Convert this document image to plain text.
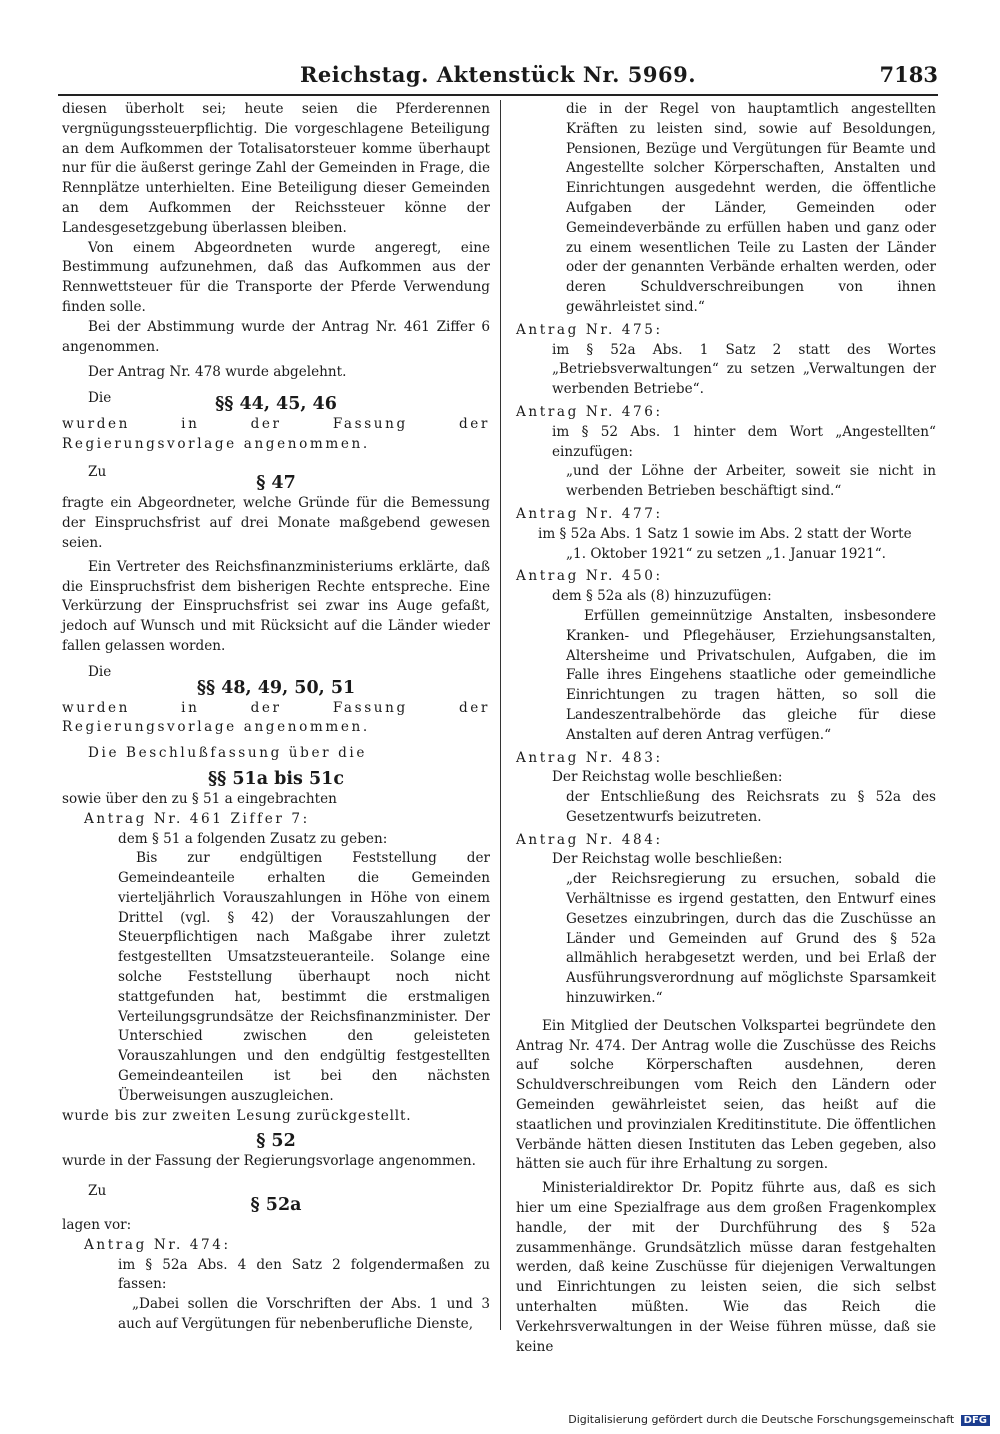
Reichstag. Aktenstück Nr. 5969.	7183

diesen überholt sei; heute seien die Pferderennen vergnügungssteuerpflichtig. Die vorgeschlagene Beteiligung an dem Aufkommen der Totalisatorsteuer komme überhaupt nur für die äußerst geringe Zahl der Gemeinden in Frage, die Rennplätze unterhielten. Eine Beteiligung dieser Gemeinden an dem Aufkommen der Reichssteuer könne der Landesgesetzgebung überlassen bleiben.

Von einem Abgeordneten wurde angeregt, eine Bestimmung aufzunehmen, daß das Aufkommen aus der Rennwettsteuer für die Transporte der Pferde Verwendung finden solle.

Bei der Abstimmung wurde der Antrag Nr. 461 Ziffer 6 angenommen.

Der Antrag Nr. 478 wurde abgelehnt.

Die	§§ 44, 45, 46

wurden in der Fassung der Regierungsvorlage angenommen.

Zu

§ 47

fragte ein Abgeordneter, welche Gründe für die Bemessung der Einspruchsfrist auf drei Monate maßgebend gewesen seien.

Ein Vertreter des Reichsfinanzministeriums erklärte, daß die Einspruchsfrist dem bisherigen Rechte entspreche. Eine Verkürzung der Einspruchsfrist sei zwar ins Auge gefaßt, jedoch auf Wunsch und mit Rücksicht auf die Länder wieder fallen gelassen worden.

Die

§§ 48, 49, 50, 51

wurden in der Fassung der Regierungsvorlage angenommen.

Die Beschlußfassung über die

§§ 51a bis 51c

sowie über den zu § 51 a eingebrachten

Antrag Nr. 461 Ziffer 7:

dem § 51 a folgenden Zusatz zu geben:

Bis zur endgültigen Feststellung der Gemeindeanteile erhalten die Gemeinden vierteljährlich Vorauszahlungen in Höhe von einem Drittel (vgl. § 42) der Vorauszahlungen der Steuerpflichtigen nach Maßgabe ihrer zuletzt festgestellten Umsatzsteueranteile. Solange eine solche Feststellung überhaupt noch nicht stattgefunden hat, bestimmt die erstmaligen Verteilungsgrundsätze der Reichsfinanzminister. Der Unterschied zwischen den geleisteten Vorauszahlungen und den endgültig festgestellten Gemeindeanteilen ist bei den nächsten Überweisungen auszugleichen.

wurde bis zur zweiten Lesung zurückgestellt.

§ 52

wurde in der Fassung der Regierungsvorlage angenommen.

Zu

§ 52a

lagen vor:

Antrag Nr. 474:

im § 52a Abs. 4 den Satz 2 folgendermaßen zu fassen:

„Dabei sollen die Vorschriften der Abs. 1 und 3 auch auf Vergütungen für nebenberufliche Dienste,

die in der Regel von hauptamtlich angestellten Kräften zu leisten sind, sowie auf Besoldungen, Pensionen, Bezüge und Vergütungen für Beamte und Angestellte solcher Körperschaften, Anstalten und Einrichtungen ausgedehnt werden, die öffentliche Aufgaben der Länder, Gemeinden oder Gemeindeverbände zu erfüllen haben und ganz oder zu einem wesentlichen Teile zu Lasten der Länder oder der genannten Verbände erhalten werden, oder deren Schuldverschreibungen von ihnen gewährleistet sind.“

Antrag Nr. 475:

im § 52a Abs. 1 Satz 2 statt des Wortes „Betriebsverwaltungen“ zu setzen „Verwaltungen der werbenden Betriebe“.

Antrag Nr. 476:

im § 52 Abs. 1 hinter dem Wort „Angestellten“ einzufügen:

„und der Löhne der Arbeiter, soweit sie nicht in werbenden Betrieben beschäftigt sind.“

Antrag Nr. 477:

im § 52a Abs. 1 Satz 1 sowie im Abs. 2 statt der Worte

„1. Oktober 1921“ zu setzen „1. Januar 1921“.

Antrag Nr. 450:

dem § 52a als (8) hinzuzufügen:

Erfüllen gemeinnützige Anstalten, insbesondere Kranken- und Pflegehäuser, Erziehungsanstalten, Altersheime und Privatschulen, Aufgaben, die im Falle ihres Eingehens staatliche oder gemeindliche Einrichtungen zu tragen hätten, so soll die Landeszentralbehörde das gleiche für diese Anstalten auf deren Antrag verfügen.“

Antrag Nr. 483:

Der Reichstag wolle beschließen:

der Entschließung des Reichsrats zu § 52a des Gesetzentwurfs beizutreten.

Antrag Nr. 484:

Der Reichstag wolle beschließen:

„der Reichsregierung zu ersuchen, sobald die Verhältnisse es irgend gestatten, den Entwurf eines Gesetzes einzubringen, durch das die Zuschüsse an Länder und Gemeinden auf Grund des § 52a allmählich herabgesetzt werden, und bei Erlaß der Ausführungsverordnung auf möglichste Sparsamkeit hinzuwirken.“

Ein Mitglied der Deutschen Volkspartei begründete den Antrag Nr. 474. Der Antrag wolle die Zuschüsse des Reichs auf solche Körperschaften ausdehnen, deren Schuldverschreibungen vom Reich den Ländern oder Gemeinden gewährleistet seien, das heißt auf die staatlichen und provinzialen Kreditinstitute. Die öffentlichen Verbände hätten diesen Instituten das Leben gegeben, also hätten sie auch für ihre Erhaltung zu sorgen.

Ministerialdirektor Dr. Popitz führte aus, daß es sich hier um eine Spezialfrage aus dem großen Fragenkomplex handle, der mit der Durchführung des § 52a zusammenhänge. Grundsätzlich müsse daran festgehalten werden, daß keine Zuschüsse für diejenigen Verwaltungen und Einrichtungen zu leisten seien, die sich selbst unterhalten müßten. Wie das Reich die Verkehrsverwaltungen in der Weise führen müsse, daß sie keine

Digitalisierung gefördert durch die Deutsche Forschungsgemeinschaft DFG
